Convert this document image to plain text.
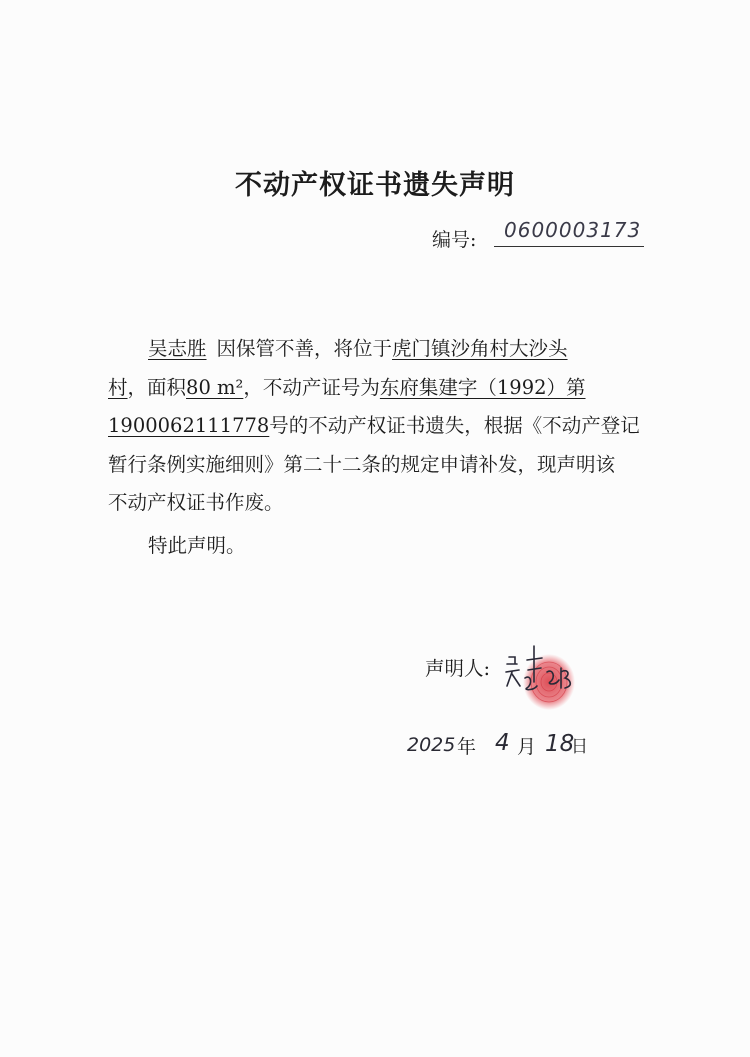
不动产权证书遗失声明
编号:	0600003173
吴志胜 因保管不善，将位于虎门镇沙角村大沙头
村，面积80 m²，不动产证号为东府集建字（1992）第
1900062111778号的不动产权证书遗失，根据《不动产登记
暂行条例实施细则》第二十二条的规定申请补发，现声明该
不动产权证书作废。
特此声明。
声明人:
2025 年 4 月 18
日
